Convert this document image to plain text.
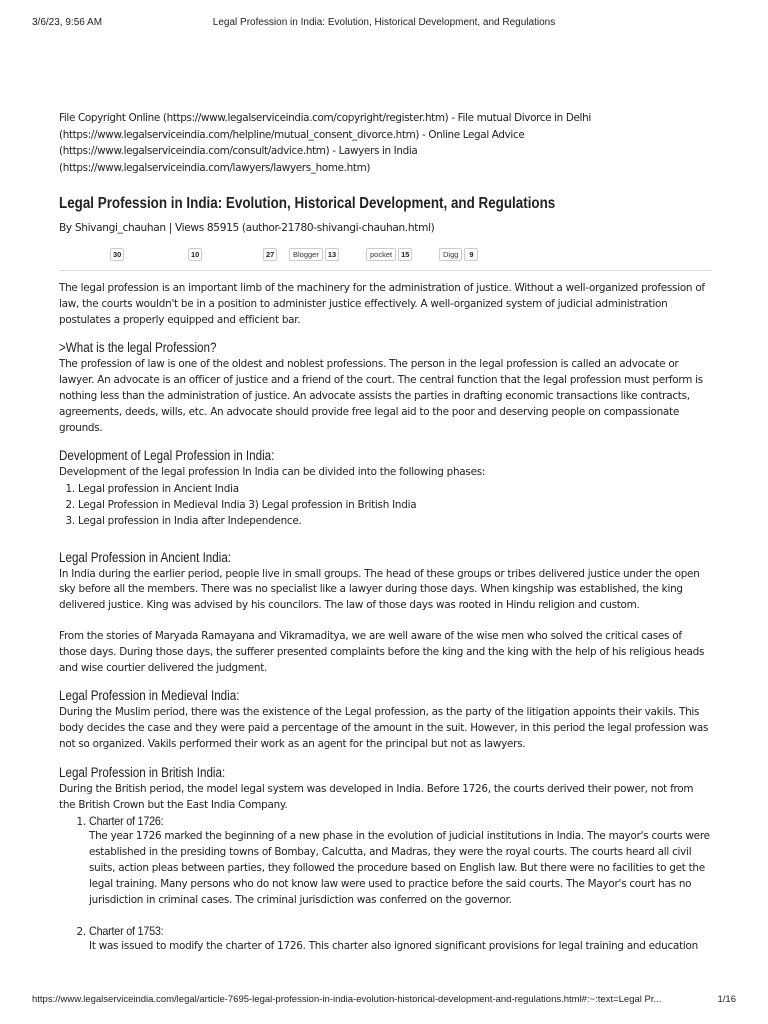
3/6/23, 9:56 AM	Legal Profession in India: Evolution, Historical Development, and Regulations

File Copyright Online (https://www.legalserviceindia.com/copyright/register.htm) - File mutual Divorce in Delhi

(https://www.legalserviceindia.com/helpline/mutual_consent_divorce.htm) - Online Legal Advice

(https://www.legalserviceindia.com/consult/advice.htm) - Lawyers in India

(https://www.legalserviceindia.com/lawyers/lawyers_home.htm)

Legal Profession in India: Evolution, Historical Development, and Regulations
By Shivangi_chauhan | Views 85915 (author-21780-shivangi-chauhan.html)
30	10	27	Blogger	13	pocket	15	Digg	9

The legal profession is an important limb of the machinery for the administration of justice. Without a well-organized profession of law, the courts wouldn't be in a position to administer justice effectively. A well-organized system of judicial administration postulates a properly equipped and efficient bar.

>What is the legal Profession?

The profession of law is one of the oldest and noblest professions. The person in the legal profession is called an advocate or lawyer. An advocate is an officer of justice and a friend of the court. The central function that the legal profession must perform is nothing less than the administration of justice. An advocate assists the parties in drafting economic transactions like contracts, agreements, deeds, wills, etc. An advocate should provide free legal aid to the poor and deserving people on compassionate grounds.

Development of Legal Profession in India:

Development of the legal profession In India can be divided into the following phases:

1. Legal profession in Ancient India
2. Legal Profession in Medieval India 3) Legal profession in British India
3. Legal profession in India after Independence.
Legal Profession in Ancient India:

In India during the earlier period, people live in small groups. The head of these groups or tribes delivered justice under the open sky before all the members. There was no specialist like a lawyer during those days. When kingship was established, the king delivered justice. King was advised by his councilors. The law of those days was rooted in Hindu religion and custom.

From the stories of Maryada Ramayana and Vikramaditya, we are well aware of the wise men who solved the critical cases of those days. During those days, the sufferer presented complaints before the king and the king with the help of his religious heads and wise courtier delivered the judgment.

Legal Profession in Medieval India:

During the Muslim period, there was the existence of the Legal profession, as the party of the litigation appoints their vakils. This body decides the case and they were paid a percentage of the amount in the suit. However, in this period the legal profession was not so organized. Vakils performed their work as an agent for the principal but not as lawyers.

Legal Profession in British India:

During the British period, the model legal system was developed in India. Before 1726, the courts derived their power, not from the British Crown but the East India Company.

1. Charter of 1726:
The year 1726 marked the beginning of a new phase in the evolution of judicial institutions in India. The mayor's courts were established in the presiding towns of Bombay, Calcutta, and Madras, they were the royal courts. The courts heard all civil suits, action pleas between parties, they followed the procedure based on English law. But there were no facilities to get the legal training. Many persons who do not know law were used to practice before the said courts. The Mayor's court has no jurisdiction in criminal cases. The criminal jurisdiction was conferred on the governor.
2. Charter of 1753:
It was issued to modify the charter of 1726. This charter also ignored significant provisions for legal training and education
https://www.legalserviceindia.com/legal/article-7695-legal-profession-in-india-evolution-historical-development-and-regulations.html#:~:text=Legal Pr...	1/16
